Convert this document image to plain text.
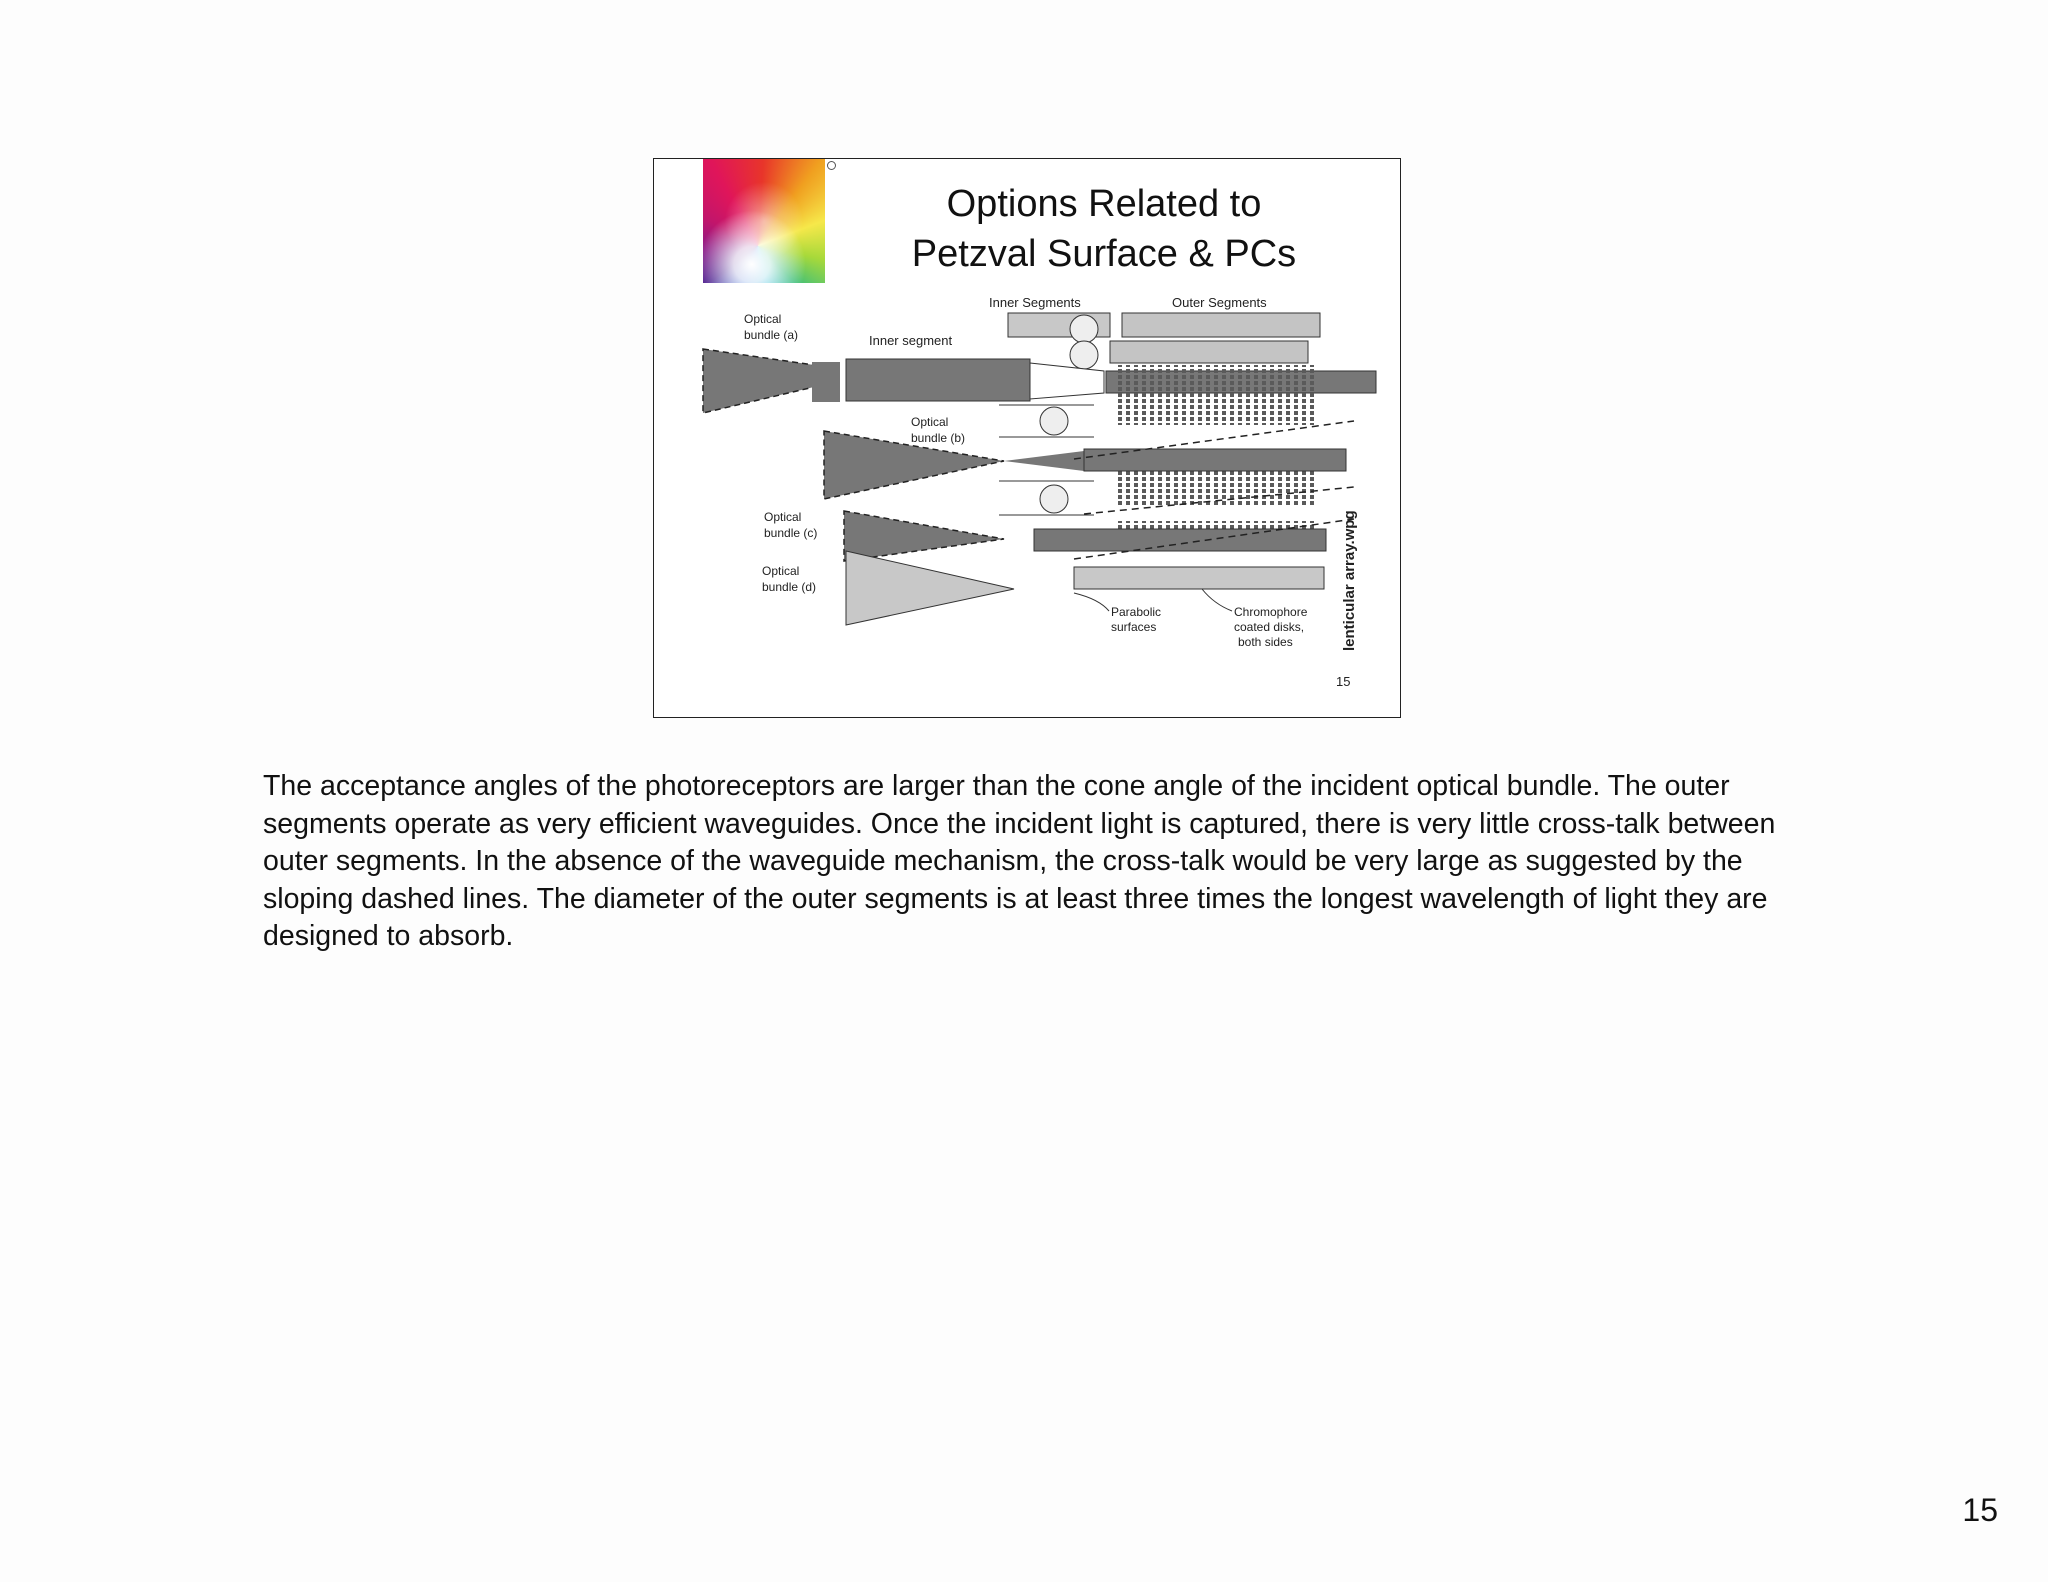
Options Related to
Petzval Surface & PCs
Inner Segments	Outer Segments
Optical
bundle (a)	Inner segment
Optical
bundle (b)
Optical
bundle (c)
Optical
bundle (d)
Parabolic
surfaces
Chromophore
coated disks,
both sides	lenticular array.wpg
15
The acceptance angles of the photoreceptors are larger than the cone angle of the incident optical bundle. The outer segments operate as very efficient waveguides. Once the incident light is captured, there is very little cross-talk between outer segments. In the absence of the waveguide mechanism, the cross-talk would be very large as suggested by the sloping dashed lines. The diameter of the outer segments is at least three times the longest wavelength of light they are designed to absorb.
15
